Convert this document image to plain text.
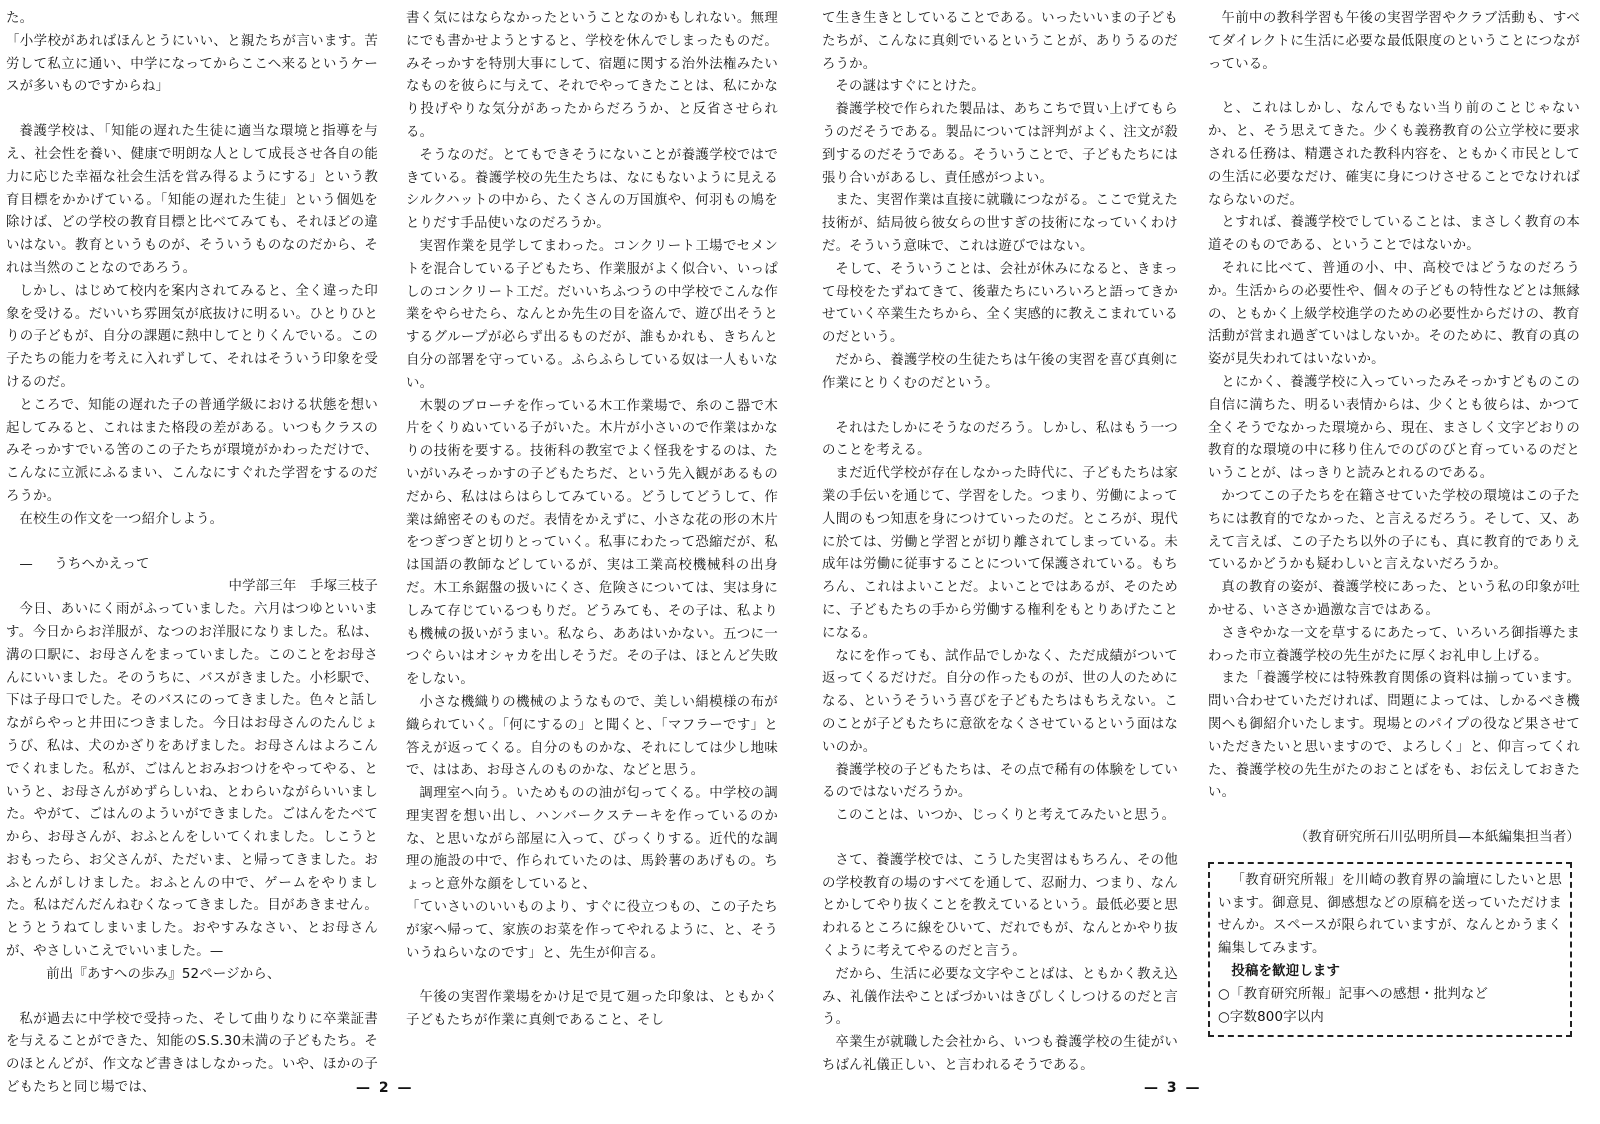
た。

「小学校があればほんとうにいい、と親たちが言います。苦労して私立に通い、中学になってからここへ来るというケースが多いものですからね」

養護学校は、「知能の遅れた生徒に適当な環境と指導を与え、社会性を養い、健康で明朗な人として成長させ各自の能力に応じた幸福な社会生活を営み得るようにする」という教育目標をかかげている。「知能の遅れた生徒」という個処を除けば、どの学校の教育目標と比べてみても、それほどの違いはない。教育というものが、そういうものなのだから、それは当然のことなのであろう。

しかし、はじめて校内を案内されてみると、全く違った印象を受ける。だいいち雰囲気が底抜けに明るい。ひとりひとりの子どもが、自分の課題に熱中してとりくんでいる。この子たちの能力を考えに入れずして、それはそういう印象を受けるのだ。

ところで、知能の遅れた子の普通学級における状態を想い起してみると、これはまた格段の差がある。いつもクラスのみそっかすでいる筈のこの子たちが環境がかわっただけで、こんなに立派にふるまい、こんなにすぐれた学習をするのだろうか。

在校生の作文を一つ紹介しよう。

— うちへかえって

中学部三年　手塚三枝子

今日、あいにく雨がふっていました。六月はつゆといいます。今日からお洋服が、なつのお洋服になりました。私は、溝の口駅に、お母さんをまっていました。このことをお母さんにいいました。そのうちに、バスがきました。小杉駅で、下は子母口でした。そのバスにのってきました。色々と話しながらやっと井田につきました。今日はお母さんのたんじょうび、私は、犬のかざりをあげました。お母さんはよろこんでくれました。私が、ごはんとおみおつけをやってやる、というと、お母さんがめずらしいね、とわらいながらいいました。やがて、ごはんのよういができました。ごはんをたべてから、お母さんが、おふとんをしいてくれました。しこうとおもったら、お父さんが、ただいま、と帰ってきました。おふとんがしけました。おふとんの中で、ゲームをやりました。私はだんだんねむくなってきました。目があきません。とうとうねてしまいました。おやすみなさい、とお母さんが、やさしいこえでいいました。—

前出『あすへの歩み』52ページから、

私が過去に中学校で受持った、そして曲りなりに卒業証書を与えることができた、知能のS.S.30未満の子どもたち。そのほとんどが、作文など書きはしなかった。いや、ほかの子どもたちと同じ場では、

書く気にはならなかったということなのかもしれない。無理にでも書かせようとすると、学校を休んでしまったものだ。みそっかすを特別大事にして、宿題に関する治外法権みたいなものを彼らに与えて、それでやってきたことは、私にかなり投げやりな気分があったからだろうか、と反省させられる。

そうなのだ。とてもできそうにないことが養護学校ではできている。養護学校の先生たちは、なにもないように見えるシルクハットの中から、たくさんの万国旗や、何羽もの鳩をとりだす手品使いなのだろうか。

実習作業を見学してまわった。コンクリート工場でセメントを混合している子どもたち、作業服がよく似合い、いっぱしのコンクリート工だ。だいいちふつうの中学校でこんな作業をやらせたら、なんとか先生の目を盗んで、遊び出そうとするグループが必らず出るものだが、誰もかれも、きちんと自分の部署を守っている。ふらふらしている奴は一人もいない。

木製のブローチを作っている木工作業場で、糸のこ器で木片をくりぬいている子がいた。木片が小さいので作業はかなりの技術を要する。技術科の教室でよく怪我をするのは、たいがいみそっかすの子どもたちだ、という先入観があるものだから、私ははらはらしてみている。どうしてどうして、作業は綿密そのものだ。表情をかえずに、小さな花の形の木片をつぎつぎと切りとっていく。私事にわたって恐縮だが、私は国語の教師などしているが、実は工業高校機械科の出身だ。木工糸鋸盤の扱いにくさ、危険さについては、実は身にしみて存じているつもりだ。どうみても、その子は、私よりも機械の扱いがうまい。私なら、ああはいかない。五つに一つぐらいはオシャカを出しそうだ。その子は、ほとんど失敗をしない。

小さな機織りの機械のようなもので、美しい絹模様の布が織られていく。「何にするの」と聞くと、「マフラーです」と答えが返ってくる。自分のものかな、それにしては少し地味で、ははあ、お母さんのものかな、などと思う。

調理室へ向う。いためものの油が匂ってくる。中学校の調理実習を想い出し、ハンバークステーキを作っているのかな、と思いながら部屋に入って、びっくりする。近代的な調理の施設の中で、作られていたのは、馬鈴薯のあげもの。ちょっと意外な顔をしていると、

「ていさいのいいものより、すぐに役立つもの、この子たちが家へ帰って、家族のお菜を作ってやれるように、と、そういうねらいなのです」と、先生が仰言る。

午後の実習作業場をかけ足で見て廻った印象は、ともかく子どもたちが作業に真剣であること、そし

— 2 —

て生き生きとしていることである。いったいいまの子どもたちが、こんなに真剣でいるということが、ありうるのだろうか。

その謎はすぐにとけた。

養護学校で作られた製品は、あちこちで買い上げてもらうのだそうである。製品については評判がよく、注文が殺到するのだそうである。そういうことで、子どもたちには張り合いがあるし、責任感がつよい。

また、実習作業は直接に就職につながる。ここで覚えた技術が、結局彼ら彼女らの世すぎの技術になっていくわけだ。そういう意味で、これは遊びではない。

そして、そういうことは、会社が休みになると、きまって母校をたずねてきて、後輩たちにいろいろと語ってきかせていく卒業生たちから、全く実感的に教えこまれているのだという。

だから、養護学校の生徒たちは午後の実習を喜び真剣に作業にとりくむのだという。

それはたしかにそうなのだろう。しかし、私はもう一つのことを考える。

まだ近代学校が存在しなかった時代に、子どもたちは家業の手伝いを通じて、学習をした。つまり、労働によって人間のもつ知恵を身につけていったのだ。ところが、現代に於ては、労働と学習とが切り離されてしまっている。未成年は労働に従事することについて保護されている。もちろん、これはよいことだ。よいことではあるが、そのために、子どもたちの手から労働する権利をもとりあげたことになる。

なにを作っても、試作品でしかなく、ただ成績がついて返ってくるだけだ。自分の作ったものが、世の人のためになる、というそういう喜びを子どもたちはもちえない。このことが子どもたちに意欲をなくさせているという面はないのか。

養護学校の子どもたちは、その点で稀有の体験をしているのではないだろうか。

このことは、いつか、じっくりと考えてみたいと思う。

さて、養護学校では、こうした実習はもちろん、その他の学校教育の場のすべてを通して、忍耐力、つまり、なんとかしてやり抜くことを教えているという。最低必要と思われるところに線をひいて、だれでもが、なんとかやり抜くように考えてやるのだと言う。

だから、生活に必要な文字やことばは、ともかく教え込み、礼儀作法やことばづかいはきびしくしつけるのだと言う。

卒業生が就職した会社から、いつも養護学校の生徒がいちばん礼儀正しい、と言われるそうである。

午前中の教科学習も午後の実習学習やクラブ活動も、すべてダイレクトに生活に必要な最低限度のということにつながっている。

と、これはしかし、なんでもない当り前のことじゃないか、と、そう思えてきた。少くも義務教育の公立学校に要求される任務は、精選された教科内容を、ともかく市民としての生活に必要なだけ、確実に身につけさせることでなければならないのだ。

とすれば、養護学校でしていることは、まさしく教育の本道そのものである、ということではないか。

それに比べて、普通の小、中、高校ではどうなのだろうか。生活からの必要性や、個々の子どもの特性などとは無縁の、ともかく上級学校進学のための必要性からだけの、教育活動が営まれ過ぎていはしないか。そのために、教育の真の姿が見失われてはいないか。

とにかく、養護学校に入っていったみそっかすどものこの自信に満ちた、明るい表情からは、少くとも彼らは、かつて全くそうでなかった環境から、現在、まさしく文字どおりの教育的な環境の中に移り住んでのびのびと育っているのだということが、はっきりと読みとれるのである。

かつてこの子たちを在籍させていた学校の環境はこの子たちには教育的でなかった、と言えるだろう。そして、又、あえて言えば、この子たち以外の子にも、真に教育的でありえているかどうかも疑わしいと言えないだろうか。

真の教育の姿が、養護学校にあった、という私の印象が吐かせる、いささか過激な言ではある。

さきやかな一文を草するにあたって、いろいろ御指導たまわった市立養護学校の先生がたに厚くお礼申し上げる。

また「養護学校には特殊教育関係の資料は揃っています。問い合わせていただければ、問題によっては、しかるべき機関へも御紹介いたします。現場とのパイプの役など果させていただきたいと思いますので、よろしく」と、仰言ってくれた、養護学校の先生がたのおことばをも、お伝えしておきたい。

（教育研究所石川弘明所員—本紙編集担当者）

「教育研究所報」を川崎の教育界の論壇にしたいと思います。御意見、御感想などの原稿を送っていただけませんか。スペースが限られていますが、なんとかうまく編集してみます。

投稿を歓迎します

○「教育研究所報」記事への感想・批判など

○字数800字以内

— 3 —
